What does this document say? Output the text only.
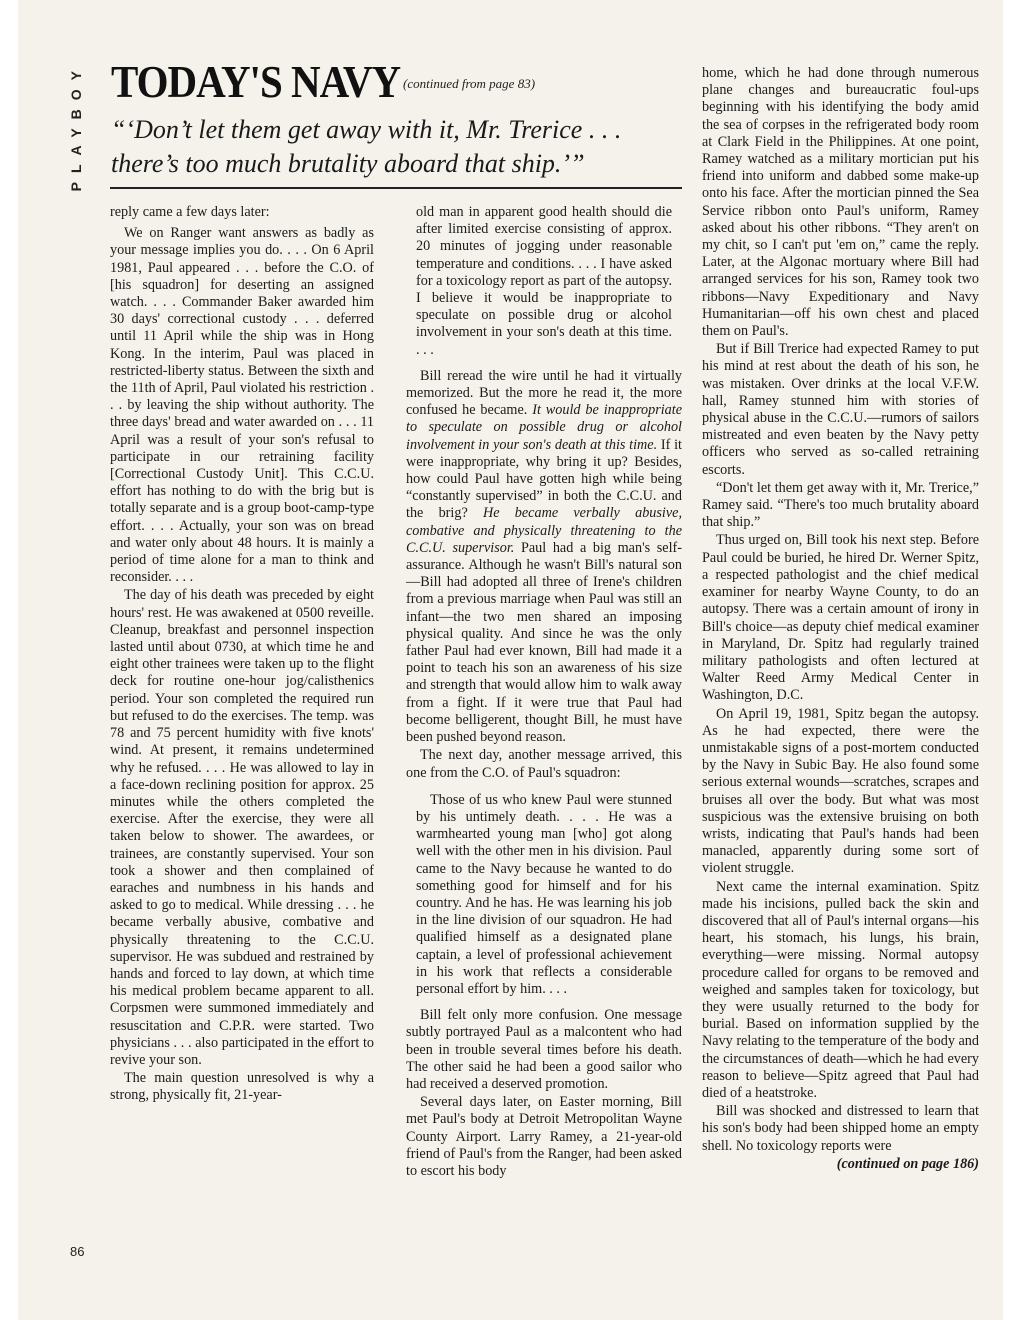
PLAYBOY TODAY'S NAVY (continued from page 83)
“‘Don’t let them get away with it, Mr. Trerice . . . there’s too much brutality aboard that ship.’”

reply came a few days later:

We on Ranger want answers as badly as your message implies you do. . . . On 6 April 1981, Paul appeared . . . before the C.O. of [his squadron] for deserting an assigned watch. . . . Commander Baker awarded him 30 days' correctional custody . . . deferred until 11 April while the ship was in Hong Kong. In the interim, Paul was placed in restricted-liberty status. Between the sixth and the 11th of April, Paul violated his restriction . . . by leaving the ship without authority. The three days' bread and water awarded on . . . 11 April was a result of your son's refusal to participate in our retraining facility [Correctional Custody Unit]. This C.C.U. effort has nothing to do with the brig but is totally separate and is a group boot-camp-type effort. . . . Actually, your son was on bread and water only about 48 hours. It is mainly a period of time alone for a man to think and reconsider. . . .

The day of his death was preceded by eight hours' rest. He was awakened at 0500 reveille. Cleanup, breakfast and personnel inspection lasted until about 0730, at which time he and eight other trainees were taken up to the flight deck for routine one-hour jog/calisthenics period. Your son completed the required run but refused to do the exercises. The temp. was 78 and 75 percent humidity with five knots' wind. At present, it remains undetermined why he refused. . . . He was allowed to lay in a face-down reclining position for approx. 25 minutes while the others completed the exercise. After the exercise, they were all taken below to shower. The awardees, or trainees, are constantly supervised. Your son took a shower and then complained of earaches and numbness in his hands and asked to go to medical. While dressing . . . he became verbally abusive, combative and physically threatening to the C.C.U. supervisor. He was subdued and restrained by hands and forced to lay down, at which time his medical problem became apparent to all. Corpsmen were summoned immediately and resuscitation and C.P.R. were started. Two physicians . . . also participated in the effort to revive your son.

The main question unresolved is why a strong, physically fit, 21-year-

old man in apparent good health should die after limited exercise consisting of approx. 20 minutes of jogging under reasonable temperature and conditions. . . . I have asked for a toxicology report as part of the autopsy. I believe it would be inappropriate to speculate on possible drug or alcohol involvement in your son's death at this time. . . .

Bill reread the wire until he had it virtually memorized. But the more he read it, the more confused he became. It would be inappropriate to speculate on possible drug or alcohol involvement in your son's death at this time. If it were inappropriate, why bring it up? Besides, how could Paul have gotten high while being “constantly supervised” in both the C.C.U. and the brig? He became verbally abusive, combative and physically threatening to the C.C.U. supervisor. Paul had a big man's self-assurance. Although he wasn't Bill's natural son—Bill had adopted all three of Irene's children from a previous marriage when Paul was still an infant—the two men shared an imposing physical quality. And since he was the only father Paul had ever known, Bill had made it a point to teach his son an awareness of his size and strength that would allow him to walk away from a fight. If it were true that Paul had become belligerent, thought Bill, he must have been pushed beyond reason.

The next day, another message arrived, this one from the C.O. of Paul's squadron:

Those of us who knew Paul were stunned by his untimely death. . . . He was a warmhearted young man [who] got along well with the other men in his division. Paul came to the Navy because he wanted to do something good for himself and for his country. And he has. He was learning his job in the line division of our squadron. He had qualified himself as a designated plane captain, a level of professional achievement in his work that reflects a considerable personal effort by him. . . .

Bill felt only more confusion. One message subtly portrayed Paul as a malcontent who had been in trouble several times before his death. The other said he had been a good sailor who had received a deserved promotion.

Several days later, on Easter morning, Bill met Paul's body at Detroit Metropolitan Wayne County Airport. Larry Ramey, a 21-year-old friend of Paul's from the Ranger, had been asked to escort his body

home, which he had done through numerous plane changes and bureaucratic foul-ups beginning with his identifying the body amid the sea of corpses in the refrigerated body room at Clark Field in the Philippines. At one point, Ramey watched as a military mortician put his friend into uniform and dabbed some make-up onto his face. After the mortician pinned the Sea Service ribbon onto Paul's uniform, Ramey asked about his other ribbons. “They aren't on my chit, so I can't put 'em on,” came the reply. Later, at the Algonac mortuary where Bill had arranged services for his son, Ramey took two ribbons—Navy Expeditionary and Navy Humanitarian—off his own chest and placed them on Paul's.

But if Bill Trerice had expected Ramey to put his mind at rest about the death of his son, he was mistaken. Over drinks at the local V.F.W. hall, Ramey stunned him with stories of physical abuse in the C.C.U.—rumors of sailors mistreated and even beaten by the Navy petty officers who served as so-called retraining escorts.

“Don't let them get away with it, Mr. Trerice,” Ramey said. “There's too much brutality aboard that ship.”

Thus urged on, Bill took his next step. Before Paul could be buried, he hired Dr. Werner Spitz, a respected pathologist and the chief medical examiner for nearby Wayne County, to do an autopsy. There was a certain amount of irony in Bill's choice—as deputy chief medical examiner in Maryland, Dr. Spitz had regularly trained military pathologists and often lectured at Walter Reed Army Medical Center in Washington, D.C.

On April 19, 1981, Spitz began the autopsy. As he had expected, there were the unmistakable signs of a post-mortem conducted by the Navy in Subic Bay. He also found some serious external wounds—scratches, scrapes and bruises all over the body. But what was most suspicious was the extensive bruising on both wrists, indicating that Paul's hands had been manacled, apparently during some sort of violent struggle.

Next came the internal examination. Spitz made his incisions, pulled back the skin and discovered that all of Paul's internal organs—his heart, his stomach, his lungs, his brain, everything—were missing. Normal autopsy procedure called for organs to be removed and weighed and samples taken for toxicology, but they were usually returned to the body for burial. Based on information supplied by the Navy relating to the temperature of the body and the circumstances of death—which he had every reason to believe—Spitz agreed that Paul had died of a heatstroke.

Bill was shocked and distressed to learn that his son's body had been shipped home an empty shell. No toxicology reports were

(continued on page 186)

86
